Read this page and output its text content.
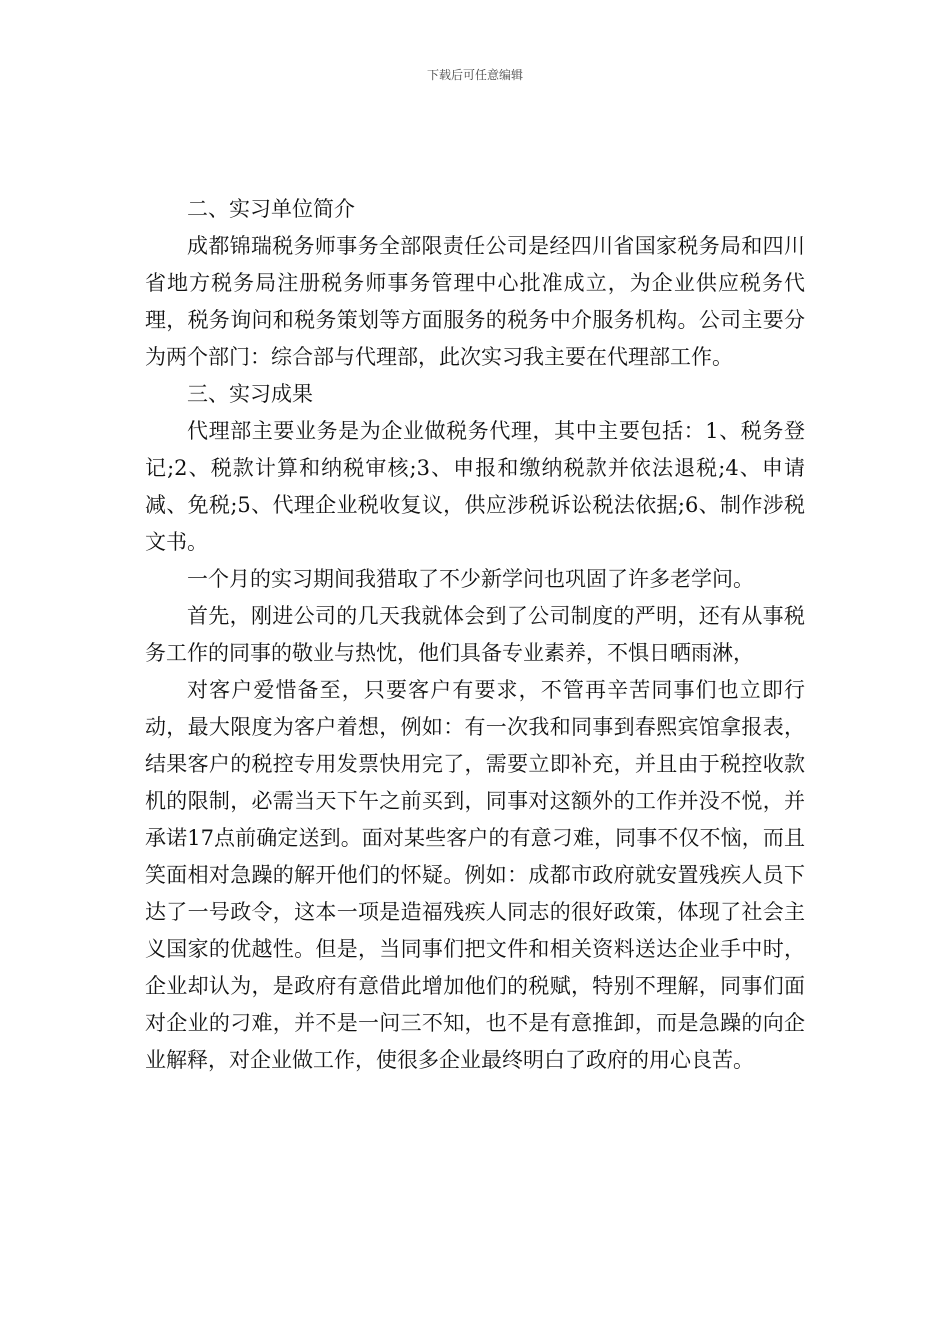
下载后可任意编辑

二、实习单位简介

成都锦瑞税务师事务全部限责任公司是经四川省国家税务局和四川省地方税务局注册税务师事务管理中心批准成立，为企业供应税务代理，税务询问和税务策划等方面服务的税务中介服务机构。公司主要分为两个部门：综合部与代理部，此次实习我主要在代理部工作。

三、实习成果

代理部主要业务是为企业做税务代理，其中主要包括：1、税务登记;2、税款计算和纳税审核;3、申报和缴纳税款并依法退税;4、申请减、免税;5、代理企业税收复议，供应涉税诉讼税法依据;6、制作涉税文书。

一个月的实习期间我猎取了不少新学问也巩固了许多老学问。

首先，刚进公司的几天我就体会到了公司制度的严明，还有从事税务工作的同事的敬业与热忱，他们具备专业素养，不惧日晒雨淋，

对客户爱惜备至，只要客户有要求，不管再辛苦同事们也立即行动，最大限度为客户着想，例如：有一次我和同事到春熙宾馆拿报表，结果客户的税控专用发票快用完了，需要立即补充，并且由于税控收款机的限制，必需当天下午之前买到，同事对这额外的工作并没不悦，并承诺17点前确定送到。面对某些客户的有意刁难，同事不仅不恼，而且笑面相对急躁的解开他们的怀疑。例如：成都市政府就安置残疾人员下达了一号政令，这本一项是造福残疾人同志的很好政策，体现了社会主义国家的优越性。但是，当同事们把文件和相关资料送达企业手中时，企业却认为，是政府有意借此增加他们的税赋，特别不理解，同事们面对企业的刁难，并不是一问三不知，也不是有意推卸，而是急躁的向企业解释，对企业做工作，使很多企业最终明白了政府的用心良苦。
